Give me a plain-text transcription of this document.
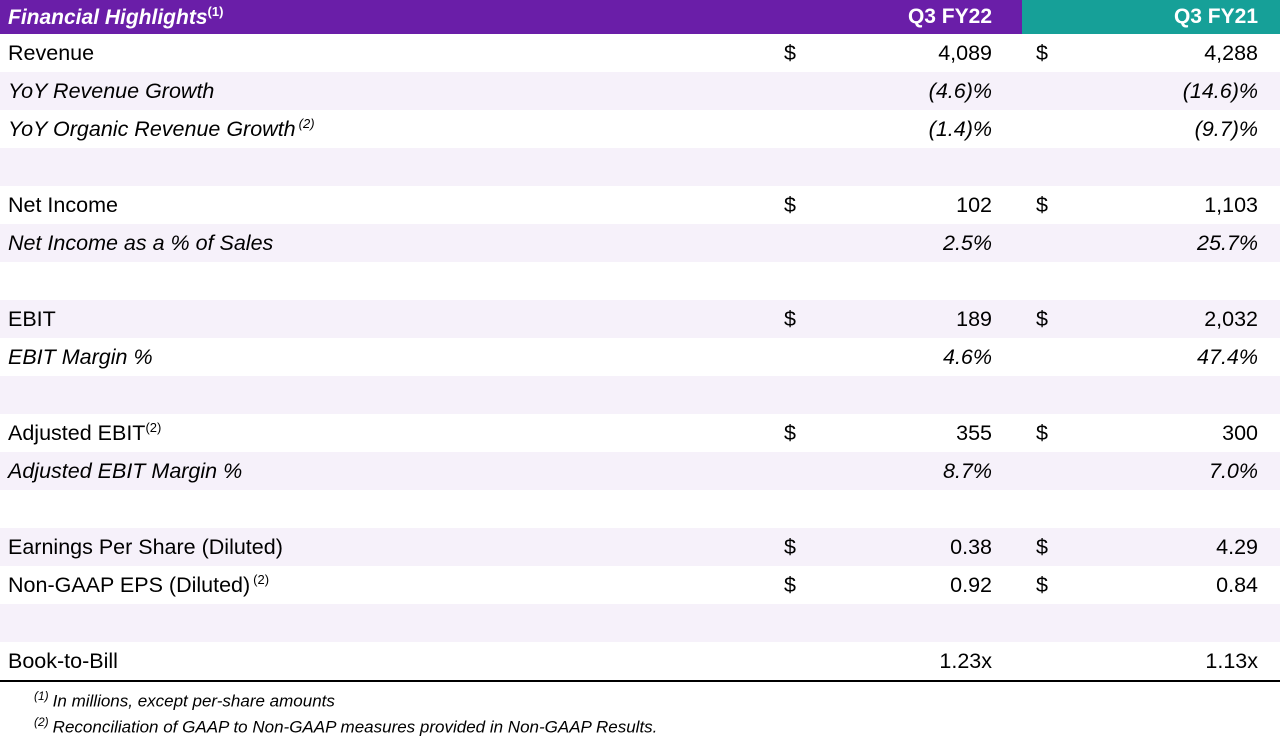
Financial Highlights$^{(1)}$		Q3 FY22		Q3 FY21
Revenue	$	4,089	$	4,288
YoY Revenue Growth		(4.6)%		(14.6)%
YoY Organic Revenue Growth $^{(2)}$		(1.4)%		(9.7)%

Net Income	$	102	$	1,103
Net Income as a % of Sales		2.5%		25.7%

EBIT	$	189	$	2,032
EBIT Margin %		4.6%		47.4%

Adjusted EBIT$^{(2)}$	$	355	$	300
Adjusted EBIT Margin %		8.7%		7.0%

Earnings Per Share (Diluted)	$	0.38	$	4.29
Non-GAAP EPS (Diluted) $^{(2)}$	$	0.92	$	0.84

Book-to-Bill		1.23x		1.13x
$^{(1)}$ In millions, except per-share amounts
$^{(2)}$ Reconciliation of GAAP to Non-GAAP measures provided in Non-GAAP Results.
